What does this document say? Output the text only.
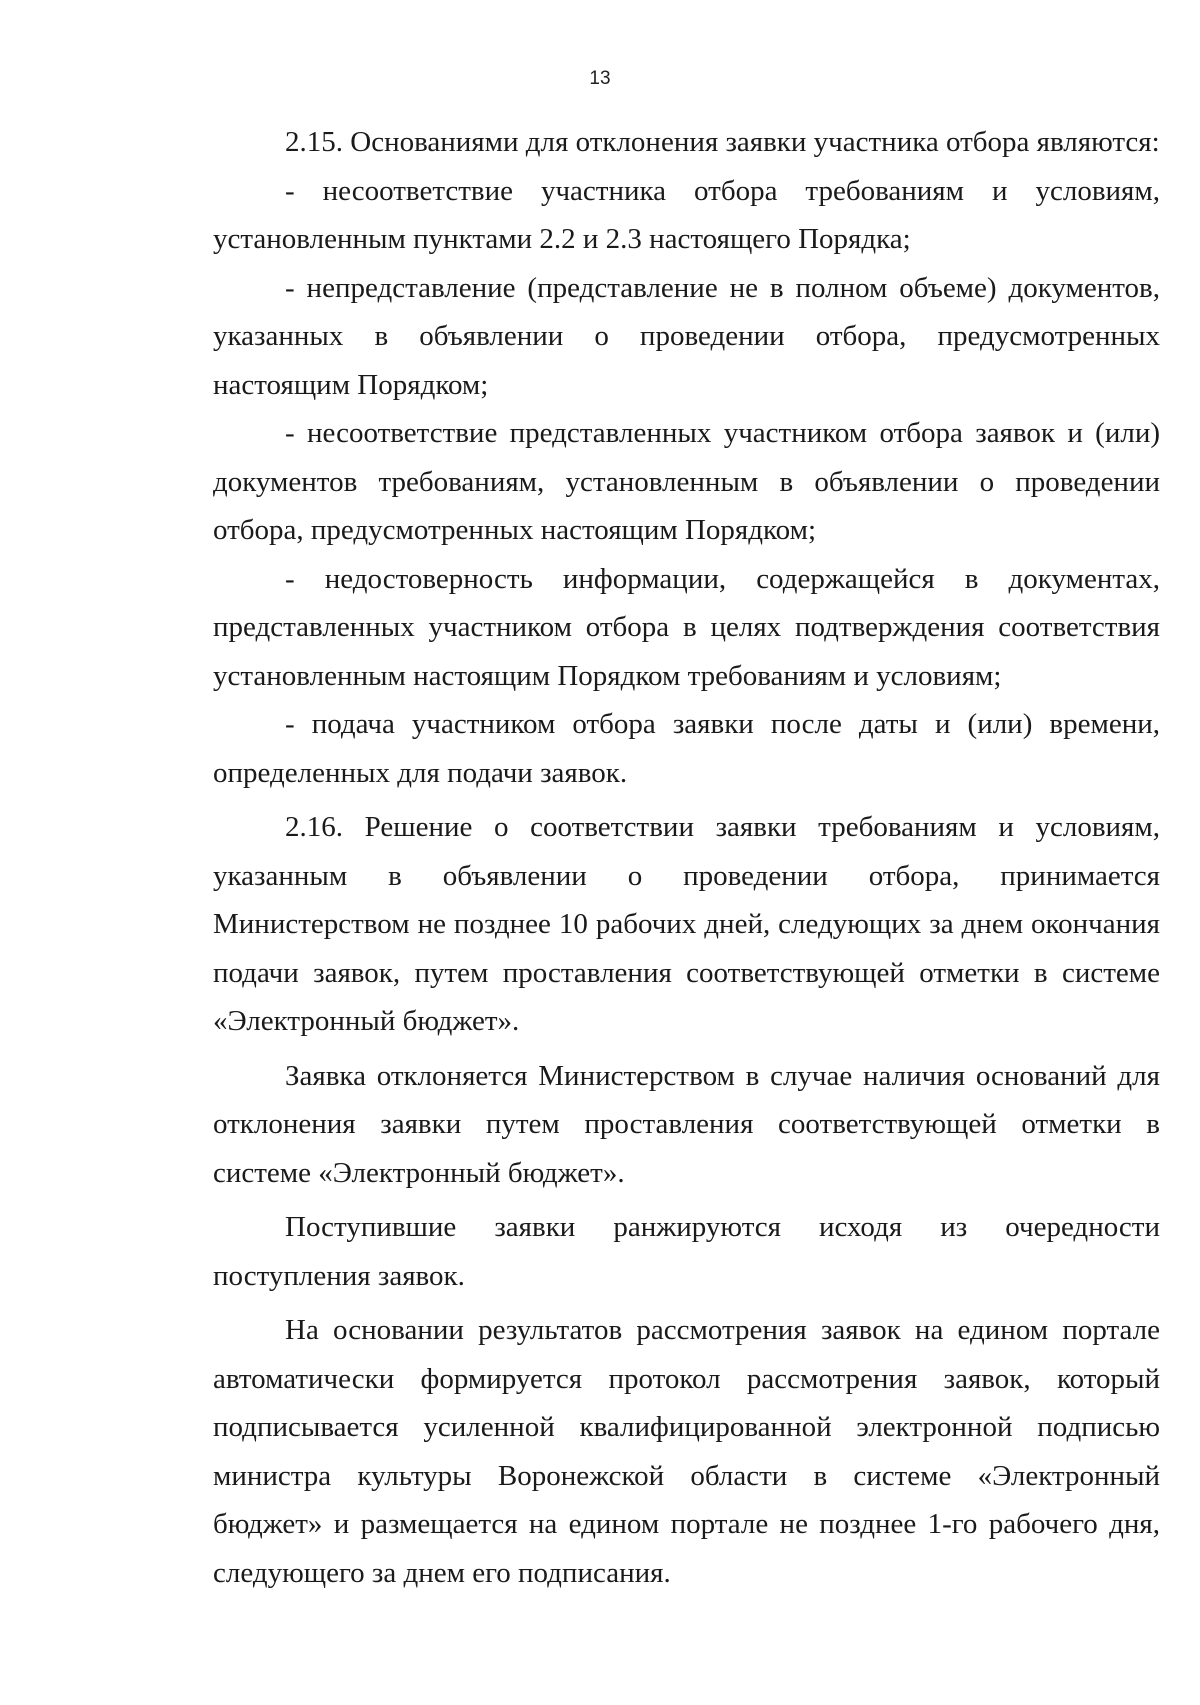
13

2.15. Основаниями для отклонения заявки участника отбора являются:

- несоответствие участника отбора требованиям и условиям, установленным пунктами 2.2 и 2.3 настоящего Порядка;

- непредставление (представление не в полном объеме) документов, указанных в объявлении о проведении отбора, предусмотренных настоящим Порядком;

- несоответствие представленных участником отбора заявок и (или) документов требованиям, установленным в объявлении о проведении отбора, предусмотренных настоящим Порядком;

- недостоверность информации, содержащейся в документах, представленных участником отбора в целях подтверждения соответствия установленным настоящим Порядком требованиям и условиям;

- подача участником отбора заявки после даты и (или) времени, определенных для подачи заявок.

2.16. Решение о соответствии заявки требованиям и условиям, указанным в объявлении о проведении отбора, принимается Министерством не позднее 10 рабочих дней, следующих за днем окончания подачи заявок, путем проставления соответствующей отметки в системе «Электронный бюджет».

Заявка отклоняется Министерством в случае наличия оснований для отклонения заявки путем проставления соответствующей отметки в системе «Электронный бюджет».

Поступившие заявки ранжируются исходя из очередности поступления заявок.

На основании результатов рассмотрения заявок на едином портале автоматически формируется протокол рассмотрения заявок, который подписывается усиленной квалифицированной электронной подписью министра культуры Воронежской области в системе «Электронный бюджет» и размещается на едином портале не позднее 1-го рабочего дня, следующего за днем его подписания.
